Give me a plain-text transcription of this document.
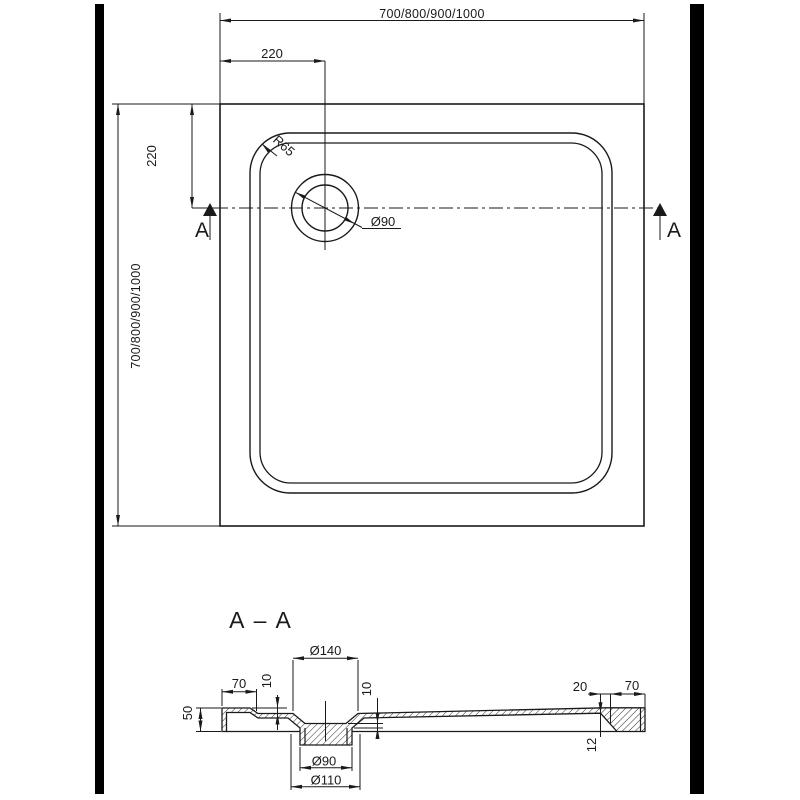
700/800/900/1000
220
700/800/900/1000
220	R65
Ø90
A	A
A – A
Ø140
70 10
10
50
20	70
12
Ø90
Ø110
